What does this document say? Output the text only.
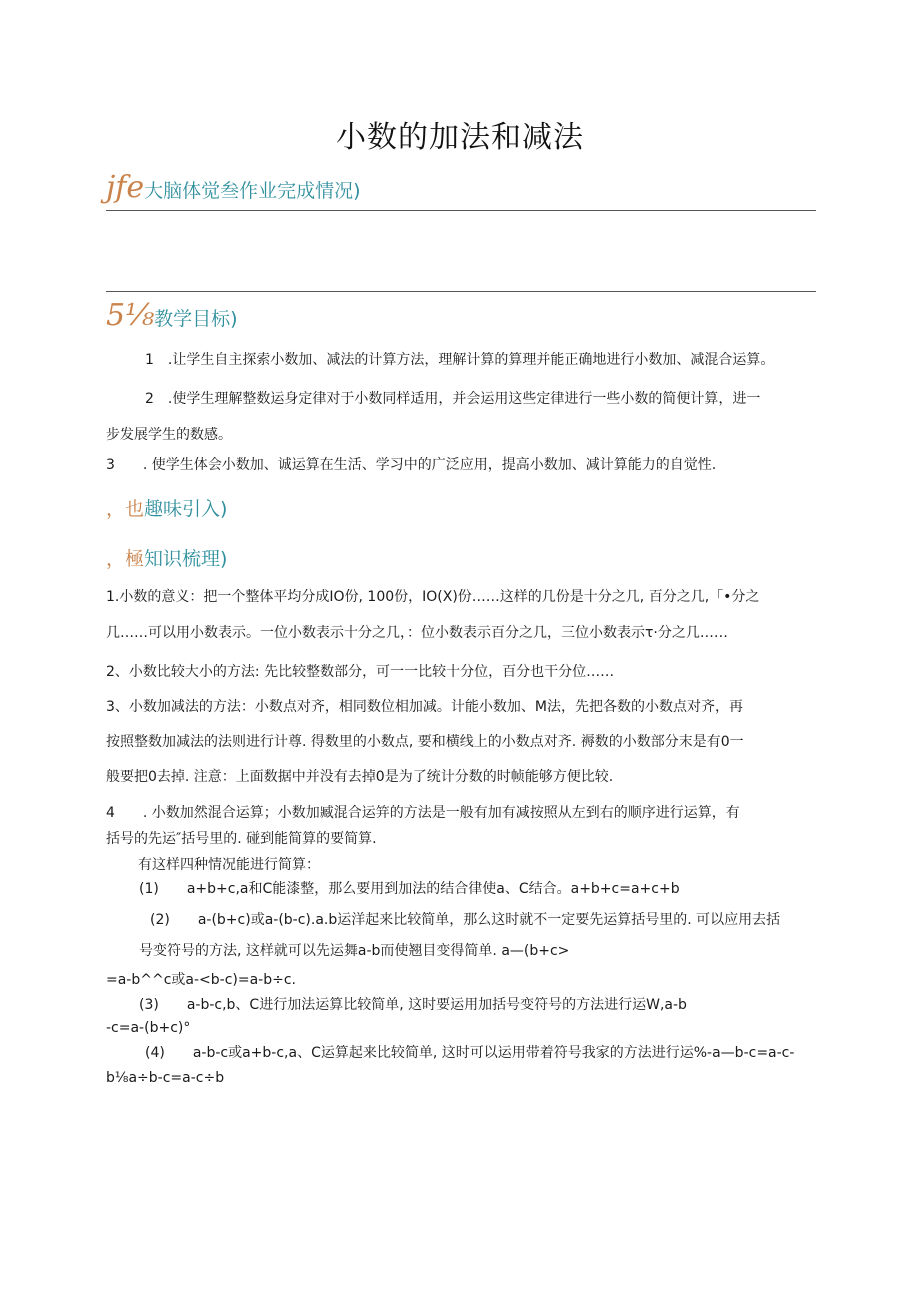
小数的加法和减法
jfe大脑体觉叁作业完成情况)
5⅛教学目标)
1　.让学生自主探索小数加、减法的计算方法，理解计算的算理并能正确地进行小数加、减混合运算。
2　.使学生理解整数运身定律对于小数同样适用，并会运用这些定律进行一些小数的简便计算，进一
步发展学生的数感。
3　　. 使学生体会小数加、诚运算在生活、学习中的广泛应用，提高小数加、减计算能力的自觉性.
，也趣味引入)
，極知识梳理)
1.小数的意义：把一个整体平均分成IO份, 100份，IO(X)份……这样的几份是十分之几, 百分之几,「•分之
几……可以用小数表示。一位小数表示十分之几，：位小数表示百分之几，三位小数表示τ·分之几……
2、小数比较大小的方法: 先比较整数部分，可一一比较十分位，百分也干分位……
3、小数加减法的方法：小数点对齐，相同数位相加减。计能小数加、M法，先把各数的小数点对齐，再
按照整数加减法的法则进行计尊. 得数里的小数点, 要和横线上的小数点对齐. 褥数的小数部分末是有0一
般要把0去掉. 注意：上面数据中并没有去掉0是为了统计分数的时帧能够方便比较.
4　　. 小数加然混合运算；小数加臧混合运笄的方法是一般有加有减按照从左到右的顺序进行运算，有
括号的先运″括号里的. 碰到能简算的要简算.
有这样四种情况能进行简算：
(1)　　a+b+c,a和C能漆整，那么要用到加法的结合律使a、C结合。a+b+c=a+c+b
(2)　　a-(b+c)或a-(b-c).a.b运洋起来比较简单，那么这时就不一定要先运算括号里的. 可以应用去括
号变符号的方法, 这样就可以先运舞a-b而使翘目变得简单. a—(b+c>
=a-b^^c或a-<b-c)=a-b÷c.
(3)　　a-b-c,b、C进行加法运算比较简单, 这时要运用加括号变符号的方法进行运W,a-b
-c=a-(b+c)°
(4)　　a-b-c或a+b-c,a、C运算起来比较简单, 这时可以运用带着符号我家的方法进行运%-a—b-c=a-c-
b⅛a÷b-c=a-c÷b
